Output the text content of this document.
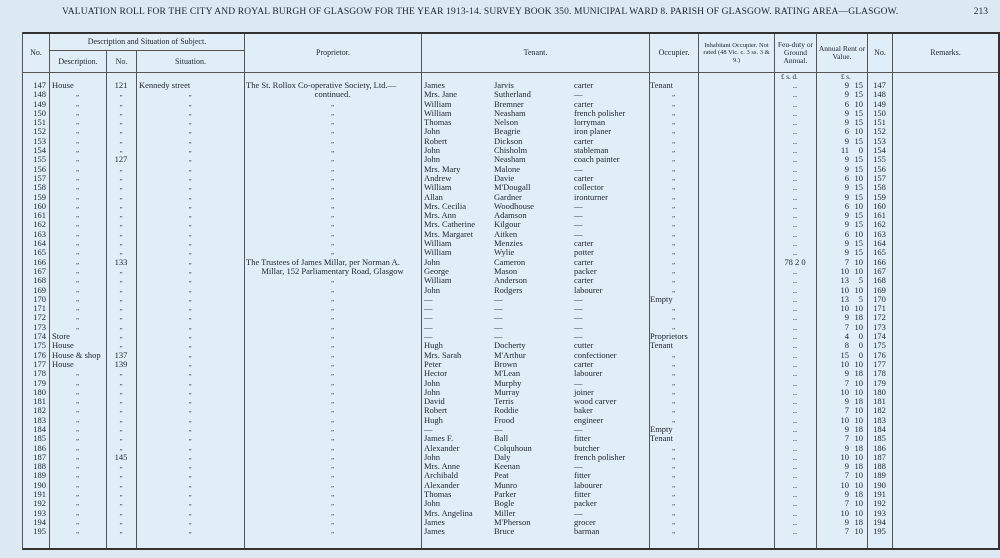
VALUATION ROLL FOR THE CITY AND ROYAL BURGH OF GLASGOW FOR THE YEAR 1913-14. SURVEY BOOK 350. MUNICIPAL WARD 8. PARISH OF GLASGOW. RATING AREA—GLASGOW.	213
No.
Description and Situation of Subject.
Description.	No.	Situation.
Proprietor.	Tenant.	Occupier.
Inhabitant Occupier. Not rated (48 Vic. c. 3 ss. 3 & 9.)
Feu-duty or Ground Annual.
Annual Rent or Value.	No.	Remarks.
£ s. d.	£ s.
147 House	121	Kennedy street	The St. Rollox Co-operative Society, Ltd.—	James	Jarvis	carter	Tenant	..	9 15	147
148	„	„	„	continued.	Mrs. Jane	Sutherland	—	„	..	9 15	148
149	„	„	„	„	William	Bremner	carter	„	..	6 10	149
150	„	„	„	„	William	Neasham	french polisher	„	..	9 15	150
151	„	„	„	„	Thomas	Nelson	lorryman	„	..	9 15	151
152	„	„	„	„	John	Beagrie	iron planer	„	..	6 10	152
153	„	„	„	„	Robert	Dickson	carter	„	..	9 15	153
154	„	„	„	„	John	Chisholm	stableman	„	..	11	0	154
155	„	127	„	„	John	Neasham	coach painter	„	..	9 15	155
156	„	„	„	„	Mrs. Mary	Malone	—	„	..	9 15	156
157	„	„	„	„	Andrew	Davie	carter	„	..	6 10	157
158	„	„	„	„	William	M'Dougall	collector	„	..	9 15	158
159	„	„	„	„	Allan	Gardner	ironturner	„	..	9 15	159
160	„	„	„	„	Mrs. Cecilia	Woodhouse	—	„	..	6 10	160
161	„	„	„	„	Mrs. Ann	Adamson	—	„	..	9 15	161
162	„	„	„	„	Mrs. Catherine	Kilgour	—	„	..	9 15	162
163	„	„	„	„	Mrs. Margaret	Aitken	—	„	..	6 10	163
164	„	„	„	„	William	Menzies	carter	„	..	9 15	164
165	„	„	„	„	William	Wylie	potter	„	..	9 15	165
166	„	133	„	The Trustees of James Millar, per Norman A.	John	Cameron	carter	„	78 2 0	7 10	166
167	„	„	„	Millar, 152 Parliamentary Road, Glasgow	George	Mason	packer	„	..	10 10	167
168	„	„	„	„	William	Anderson	carter	„	..	13	5	168
169	„	„	„	„	John	Rodgers	labourer	„	..	10 10	169
170	„	„	„	„	—	—	—	Empty	..	13	5	170
171	„	„	„	„	—	—	—	„	..	10 10	171
172	„	„	„	„	—	—	—	„	..	9 18	172
173	„	„	„	„	—	—	—	„	..	7 10	173
174 Store	„	„	„	—	—	—	Proprietors	..	4	0	174
175 House	„	„	„	Hugh	Docherty	cutter	Tenant	..	8	0	175
176 House & shop	137	„	„	Mrs. Sarah	M'Arthur	confectioner	„	..	15	0	176
177 House	139	„	„	Peter	Brown	carter	„	..	10 10	177
178	„	„	„	„	Hector	M'Lean	labourer	„	..	9 18	178
179	„	„	„	„	John	Murphy	—	„	..	7 10	179
180	„	„	„	„	John	Murray	joiner	„	..	10 10	180
181	„	„	„	„	David	Terris	wood carver	„	..	9 18	181
182	„	„	„	„	Robert	Roddie	baker	„	..	7 10	182
183	„	„	„	„	Hugh	Frood	engineer	„	..	10 10	183
184	„	„	„	„	—	—	—	Empty	..	9 18	184
185	„	„	„	„	James F.	Ball	fitter	Tenant	..	7 10	185
186	„	„	„	„	Alexander	Colquhoun	butcher	„	..	9 18	186
187	„	145	„	„	John	Daly	french polisher	„	..	10 10	187
188	„	„	„	„	Mrs. Anne	Keenan	—	„	..	9 18	188
189	„	„	„	„	Archibald	Peat	fitter	„	..	7 10	189
190	„	„	„	„	Alexander	Munro	labourer	„	..	10 10	190
191	„	„	„	„	Thomas	Parker	fitter	„	..	9 18	191
192	„	„	„	„	John	Bogle	packer	„	..	7 10	192
193	„	„	„	„	Mrs. Angelina	Miller	—	„	..	10 10	193
194	„	„	„	„	James	M'Pherson	grocer	„	..	9 18	194
195	„	„	„	„	James	Bruce	barman	„	..	7 10	195
